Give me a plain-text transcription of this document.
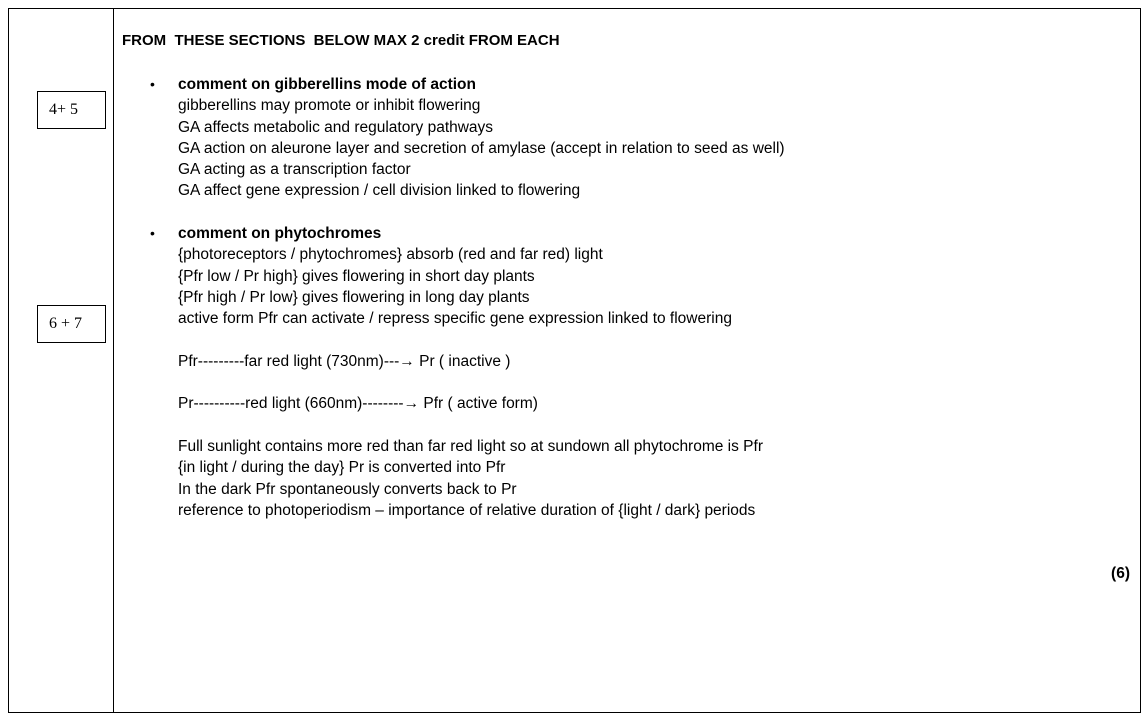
4+ 5
6 + 7
FROM  THESE SECTIONS  BELOW MAX 2 credit FROM EACH
• comment on gibberellins mode of action
gibberellins may promote or inhibit flowering
GA affects metabolic and regulatory pathways
GA action on aleurone layer and secretion of amylase (accept in relation to seed as well)
GA acting as a transcription factor
GA affect gene expression / cell division linked to flowering
• comment on phytochromes
{photoreceptors / phytochromes} absorb (red and far red) light
{Pfr low / Pr high} gives flowering in short day plants
{Pfr high / Pr low} gives flowering in long day plants
active form Pfr can activate / repress specific gene expression linked to flowering
Pfr---------far red light (730nm)---→ Pr ( inactive )
Pr----------red light (660nm)--------→ Pfr ( active form)
Full sunlight contains more red than far red light so at sundown all phytochrome is Pfr
{in light / during the day} Pr is converted into Pfr
In the dark Pfr spontaneously converts back to Pr
reference to photoperiodism – importance of relative duration of {light / dark} periods
(6)
